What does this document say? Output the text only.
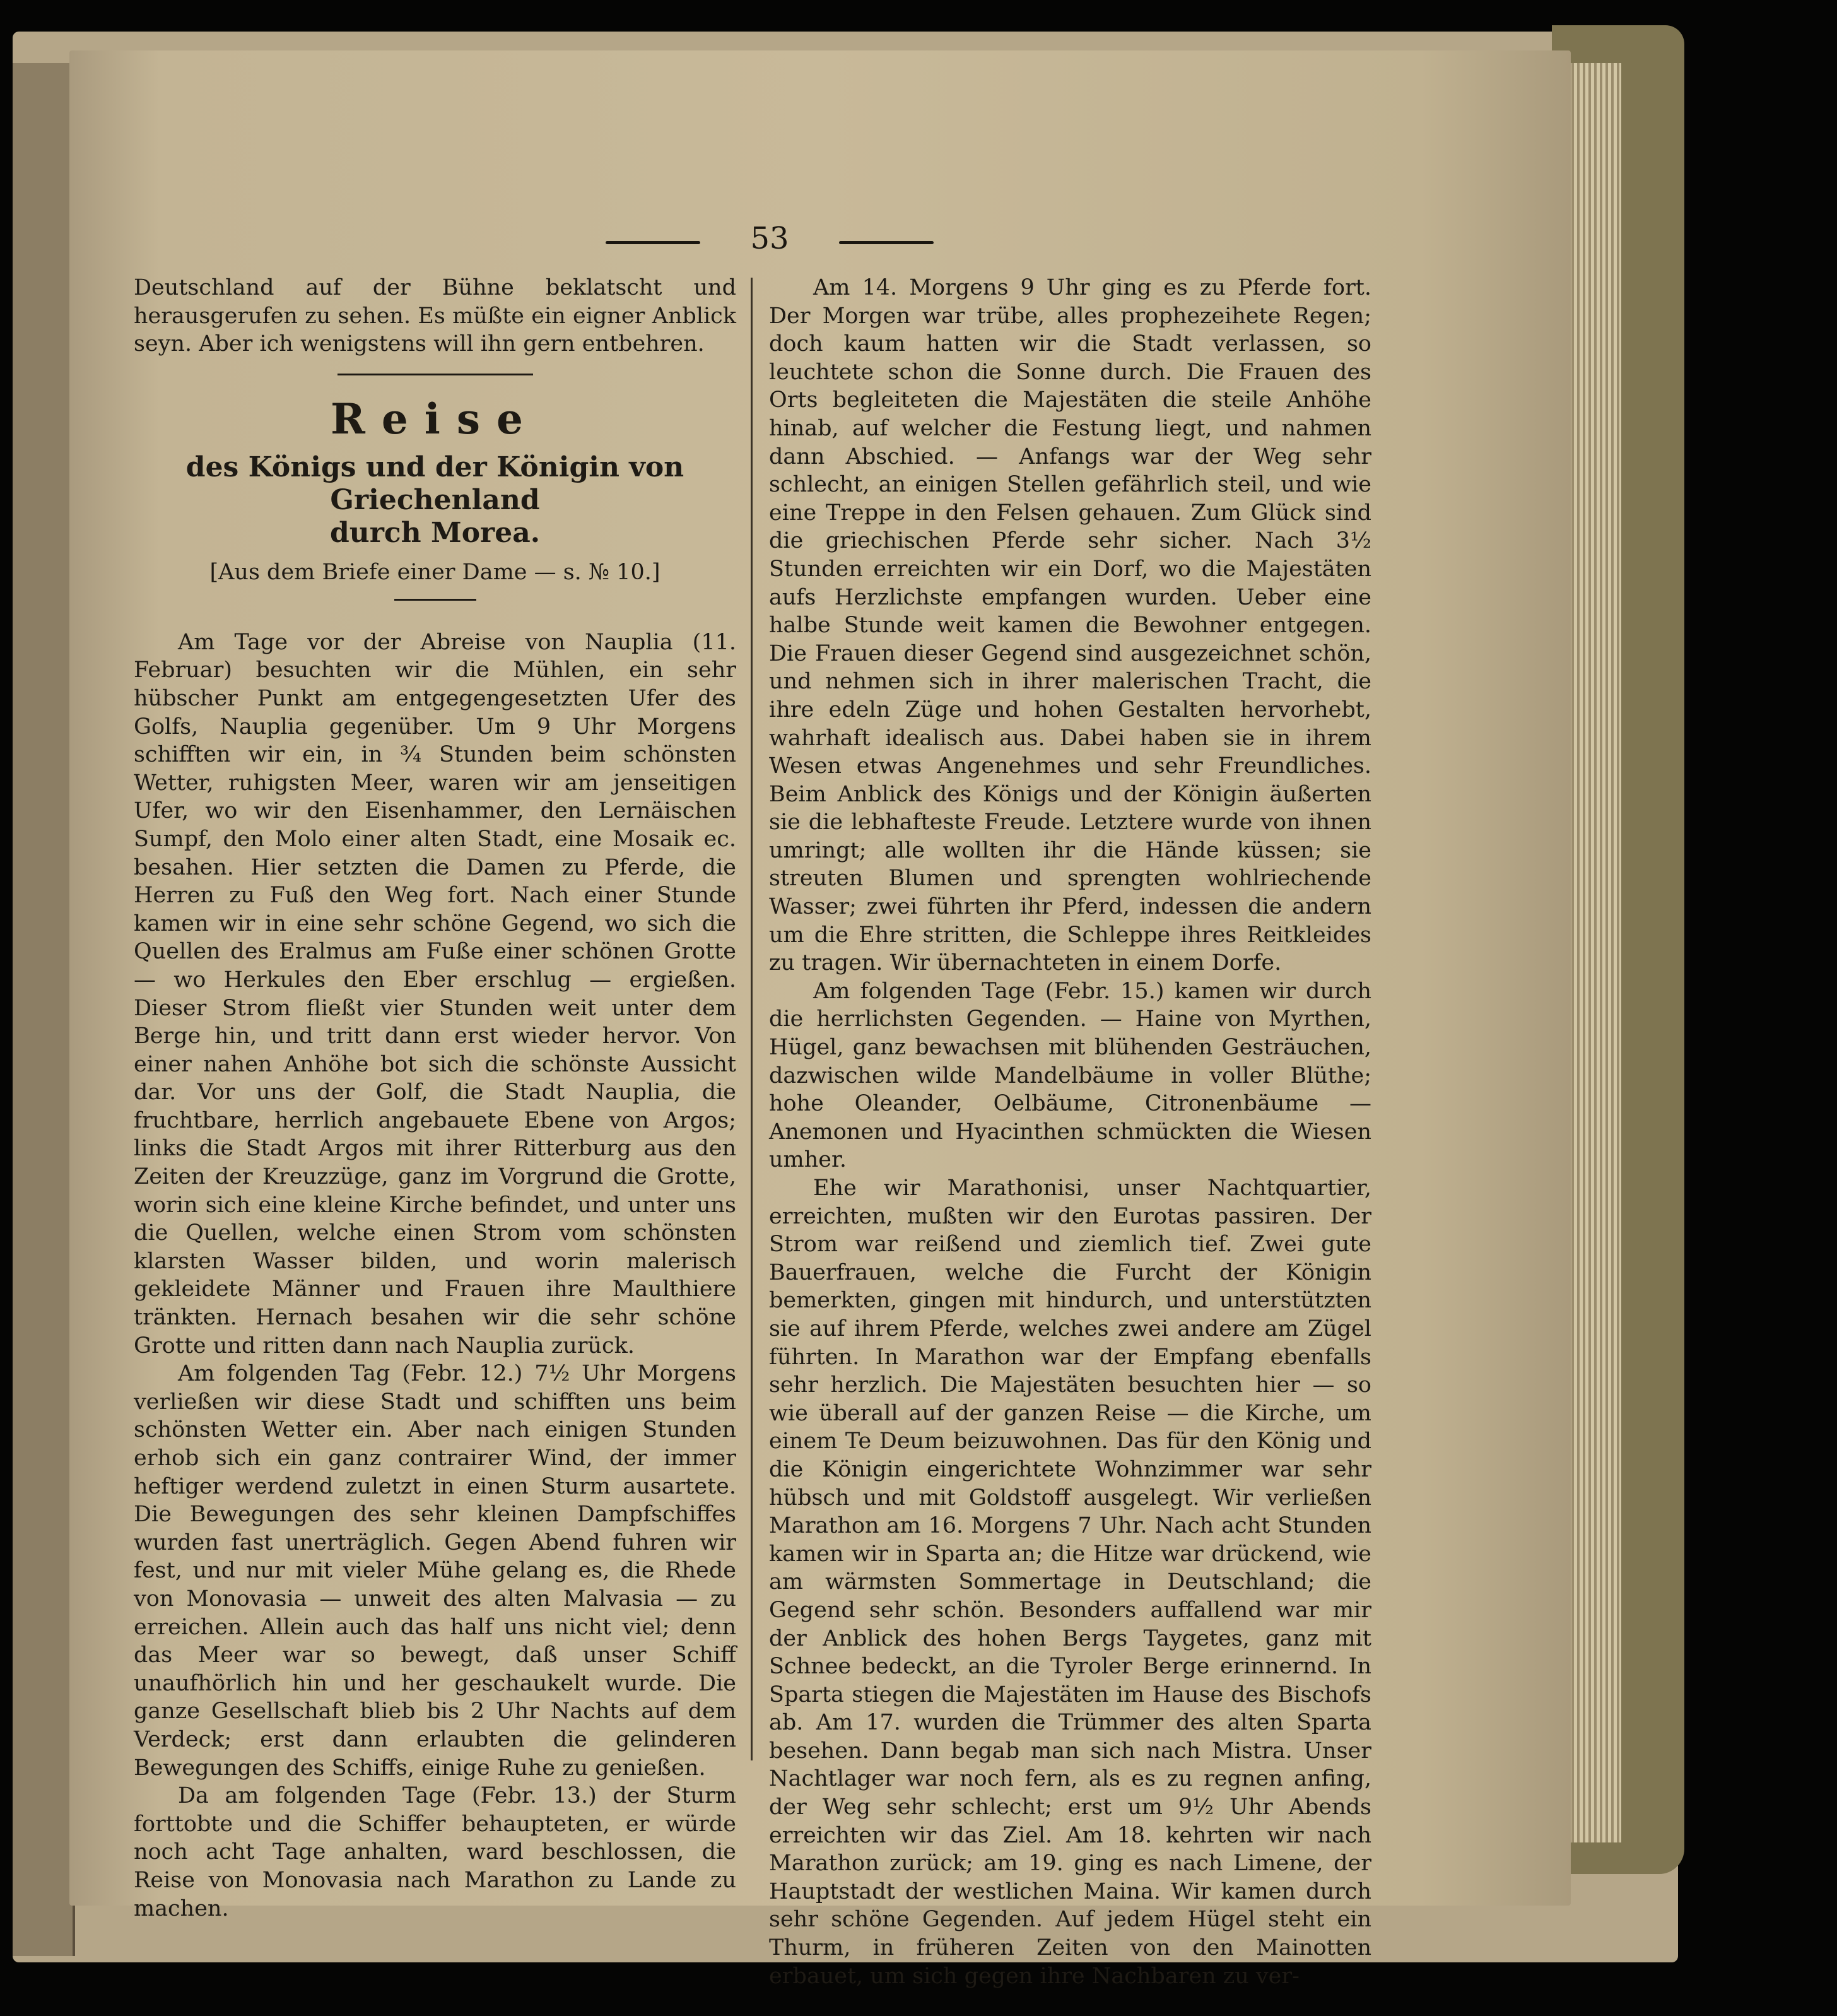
53

Deutschland auf der Bühne beklatscht und herausgerufen zu sehen. Es müßte ein eigner Anblick seyn. Aber ich wenigstens will ihn gern entbehren.

Reise
des Königs und der Königin von Griechenland
durch Morea.
[Aus dem Briefe einer Dame — s. № 10.]

Am Tage vor der Abreise von Nauplia (11. Februar) besuchten wir die Mühlen, ein sehr hübscher Punkt am entgegengesetzten Ufer des Golfs, Nauplia gegenüber. Um 9 Uhr Morgens schifften wir ein, in ¾ Stunden beim schönsten Wetter, ruhigsten Meer, waren wir am jenseitigen Ufer, wo wir den Eisenhammer, den Lernäischen Sumpf, den Molo einer alten Stadt, eine Mosaik ec. besahen. Hier setzten die Damen zu Pferde, die Herren zu Fuß den Weg fort. Nach einer Stunde kamen wir in eine sehr schöne Gegend, wo sich die Quellen des Eralmus am Fuße einer schönen Grotte — wo Herkules den Eber erschlug — ergießen. Dieser Strom fließt vier Stunden weit unter dem Berge hin, und tritt dann erst wieder hervor. Von einer nahen Anhöhe bot sich die schönste Aussicht dar. Vor uns der Golf, die Stadt Nauplia, die fruchtbare, herrlich angebauete Ebene von Argos; links die Stadt Argos mit ihrer Ritterburg aus den Zeiten der Kreuzzüge, ganz im Vorgrund die Grotte, worin sich eine kleine Kirche befindet, und unter uns die Quellen, welche einen Strom vom schönsten klarsten Wasser bilden, und worin malerisch gekleidete Männer und Frauen ihre Maulthiere tränkten. Hernach besahen wir die sehr schöne Grotte und ritten dann nach Nauplia zurück.

Am folgenden Tag (Febr. 12.) 7½ Uhr Morgens verließen wir diese Stadt und schifften uns beim schönsten Wetter ein. Aber nach einigen Stunden erhob sich ein ganz contrairer Wind, der immer heftiger werdend zuletzt in einen Sturm ausartete. Die Bewegungen des sehr kleinen Dampfschiffes wurden fast unerträglich. Gegen Abend fuhren wir fest, und nur mit vieler Mühe gelang es, die Rhede von Monovasia — unweit des alten Malvasia — zu erreichen. Allein auch das half uns nicht viel; denn das Meer war so bewegt, daß unser Schiff unaufhörlich hin und her geschaukelt wurde. Die ganze Gesellschaft blieb bis 2 Uhr Nachts auf dem Verdeck; erst dann erlaubten die gelinderen Bewegungen des Schiffs, einige Ruhe zu genießen.

Da am folgenden Tage (Febr. 13.) der Sturm forttobte und die Schiffer behaupteten, er würde noch acht Tage anhalten, ward beschlossen, die Reise von Monovasia nach Marathon zu Lande zu machen.

Am 14. Morgens 9 Uhr ging es zu Pferde fort. Der Morgen war trübe, alles prophezeihete Regen; doch kaum hatten wir die Stadt verlassen, so leuchtete schon die Sonne durch. Die Frauen des Orts begleiteten die Majestäten die steile Anhöhe hinab, auf welcher die Festung liegt, und nahmen dann Abschied. — Anfangs war der Weg sehr schlecht, an einigen Stellen gefährlich steil, und wie eine Treppe in den Felsen gehauen. Zum Glück sind die griechischen Pferde sehr sicher. Nach 3½ Stunden erreichten wir ein Dorf, wo die Majestäten aufs Herzlichste empfangen wurden. Ueber eine halbe Stunde weit kamen die Bewohner entgegen. Die Frauen dieser Gegend sind ausgezeichnet schön, und nehmen sich in ihrer malerischen Tracht, die ihre edeln Züge und hohen Gestalten hervorhebt, wahrhaft idealisch aus. Dabei haben sie in ihrem Wesen etwas Angenehmes und sehr Freundliches. Beim Anblick des Königs und der Königin äußerten sie die lebhafteste Freude. Letztere wurde von ihnen umringt; alle wollten ihr die Hände küssen; sie streuten Blumen und sprengten wohlriechende Wasser; zwei führten ihr Pferd, indessen die andern um die Ehre stritten, die Schleppe ihres Reitkleides zu tragen. Wir übernachteten in einem Dorfe.

Am folgenden Tage (Febr. 15.) kamen wir durch die herrlichsten Gegenden. — Haine von Myrthen, Hügel, ganz bewachsen mit blühenden Gesträuchen, dazwischen wilde Mandelbäume in voller Blüthe; hohe Oleander, Oelbäume, Citronenbäume — Anemonen und Hyacinthen schmückten die Wiesen umher.

Ehe wir Marathonisi, unser Nachtquartier, erreichten, mußten wir den Eurotas passiren. Der Strom war reißend und ziemlich tief. Zwei gute Bauerfrauen, welche die Furcht der Königin bemerkten, gingen mit hindurch, und unterstützten sie auf ihrem Pferde, welches zwei andere am Zügel führten. In Marathon war der Empfang ebenfalls sehr herzlich. Die Majestäten besuchten hier — so wie überall auf der ganzen Reise — die Kirche, um einem Te Deum beizuwohnen. Das für den König und die Königin eingerichtete Wohnzimmer war sehr hübsch und mit Goldstoff ausgelegt. Wir verließen Marathon am 16. Morgens 7 Uhr. Nach acht Stunden kamen wir in Sparta an; die Hitze war drückend, wie am wärmsten Sommertage in Deutschland; die Gegend sehr schön. Besonders auffallend war mir der Anblick des hohen Bergs Taygetes, ganz mit Schnee bedeckt, an die Tyroler Berge erinnernd. In Sparta stiegen die Majestäten im Hause des Bischofs ab. Am 17. wurden die Trümmer des alten Sparta besehen. Dann begab man sich nach Mistra. Unser Nachtlager war noch fern, als es zu regnen anfing, der Weg sehr schlecht; erst um 9½ Uhr Abends erreichten wir das Ziel. Am 18. kehrten wir nach Marathon zurück; am 19. ging es nach Limene, der Hauptstadt der westlichen Maina. Wir kamen durch sehr schöne Gegenden. Auf jedem Hügel steht ein Thurm, in früheren Zeiten von den Mainotten erbauet, um sich gegen ihre Nachbaren zu ver-
